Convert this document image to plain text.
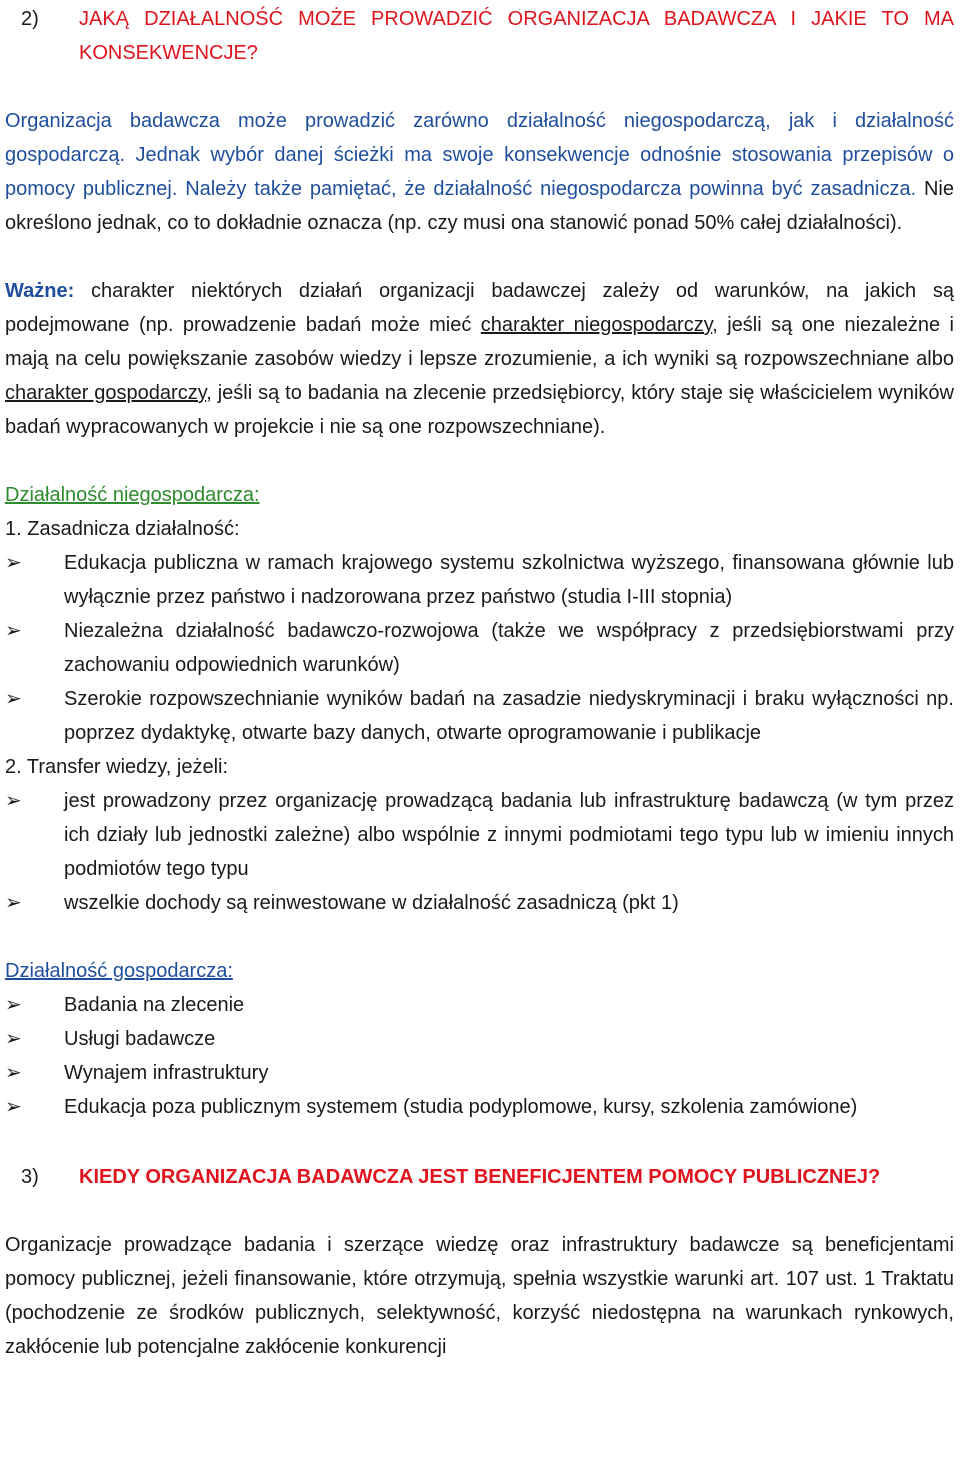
2)	JAKĄ DZIAŁALNOŚĆ MOŻE PROWADZIĆ ORGANIZACJA BADAWCZA I JAKIE TO MA KONSEKWENCJE?

Organizacja badawcza może prowadzić zarówno działalność niegospodarczą, jak i działalność gospodarczą. Jednak wybór danej ścieżki ma swoje konsekwencje odnośnie stosowania przepisów o pomocy publicznej. Należy także pamiętać, że działalność niegospodarcza powinna być zasadnicza. Nie określono jednak, co to dokładnie oznacza (np. czy musi ona stanowić ponad 50% całej działalności).

Ważne: charakter niektórych działań organizacji badawczej zależy od warunków, na jakich są podejmowane (np. prowadzenie badań może mieć charakter niegospodarczy, jeśli są one niezależne i mają na celu powiększanie zasobów wiedzy i lepsze zrozumienie, a ich wyniki są rozpowszechniane albo charakter gospodarczy, jeśli są to badania na zlecenie przedsiębiorcy, który staje się właścicielem wyników badań wypracowanych w projekcie i nie są one rozpowszechniane).

Działalność niegospodarcza:
1. Zasadnicza działalność:
➢	Edukacja publiczna w ramach krajowego systemu szkolnictwa wyższego, finansowana głównie lub wyłącznie przez państwo i nadzorowana przez państwo (studia I-III stopnia)
➢	Niezależna działalność badawczo-rozwojowa (także we współpracy z przedsiębiorstwami przy zachowaniu odpowiednich warunków)
➢	Szerokie rozpowszechnianie wyników badań na zasadzie niedyskryminacji i braku wyłączności np. poprzez dydaktykę, otwarte bazy danych, otwarte oprogramowanie i publikacje
2. Transfer wiedzy, jeżeli:
➢	jest prowadzony przez organizację prowadzącą badania lub infrastrukturę badawczą (w tym przez ich działy lub jednostki zależne) albo wspólnie z innymi podmiotami tego typu lub w imieniu innych podmiotów tego typu
➢	wszelkie dochody są reinwestowane w działalność zasadniczą (pkt 1)
Działalność gospodarcza:
➢	Badania na zlecenie
➢	Usługi badawcze
➢	Wynajem infrastruktury
➢	Edukacja poza publicznym systemem (studia podyplomowe, kursy, szkolenia zamówione)
3)	KIEDY ORGANIZACJA BADAWCZA JEST BENEFICJENTEM POMOCY PUBLICZNEJ?

Organizacje prowadzące badania i szerzące wiedzę oraz infrastruktury badawcze są beneficjentami pomocy publicznej, jeżeli finansowanie, które otrzymują, spełnia wszystkie warunki art. 107 ust. 1 Traktatu (pochodzenie ze środków publicznych, selektywność, korzyść niedostępna na warunkach rynkowych, zakłócenie lub potencjalne zakłócenie konkurencji
